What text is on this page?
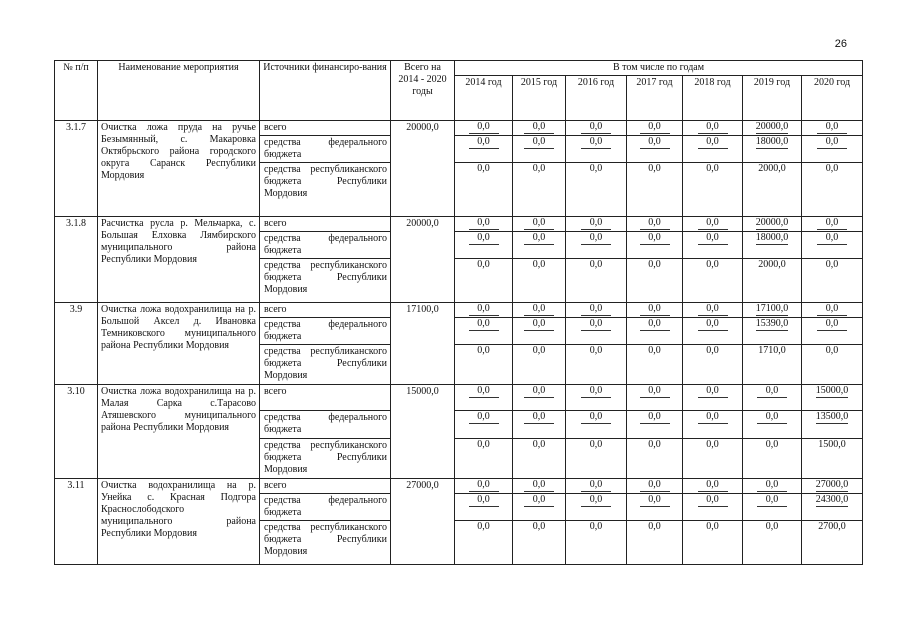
26
№ п/п	Наименование мероприятия	Источники финансиро-вания	Всего на 2014 - 2020 годы	В том числе по годам						
				2014 год	2015 год	2016 год	2017 год	2018 год	2019 год	2020 год
3.1.7	Очистка ложа пруда на ручье Безымянный, с. Макаровка Октябрьского района городского округа Саранск Республики Мордовия	всего	20000,0	0,0	0,0	0,0	0,0	0,0	20000,0	0,0
		средства федерального бюджета		0,0	0,0	0,0	0,0	0,0	18000,0	0,0
		средства республиканского бюджета Республики Мордовия		0,0	0,0	0,0	0,0	0,0	2000,0	0,0
3.1.8	Расчистка русла р. Мельчарка, с. Большая Елховка Лямбирского муниципального района Республики Мордовия	всего	20000,0	0,0	0,0	0,0	0,0	0,0	20000,0	0,0
		средства федерального бюджета		0,0	0,0	0,0	0,0	0,0	18000,0	0,0
		средства республиканского бюджета Республики Мордовия		0,0	0,0	0,0	0,0	0,0	2000,0	0,0
3.9	Очистка ложа водохранилища на р. Большой Аксел д. Ивановка Темниковского муниципального района Республики Мордовия	всего	17100,0	0,0	0,0	0,0	0,0	0,0	17100,0	0,0
		средства федерального бюджета		0,0	0,0	0,0	0,0	0,0	15390,0	0,0
		средства республиканского бюджета Республики Мордовия		0,0	0,0	0,0	0,0	0,0	1710,0	0,0
3.10	Очистка ложа водохранилища на р. Малая Сарка с.Тарасово Атяшевского муниципального района Республики Мордовия	всего	15000,0	0,0	0,0	0,0	0,0	0,0	0,0	15000,0
		средства федерального бюджета		0,0	0,0	0,0	0,0	0,0	0,0	13500,0
		средства республиканского бюджета Республики Мордовия		0,0	0,0	0,0	0,0	0,0	0,0	1500,0
3.11	Очистка водохранилища на р. Унейка с. Красная Подгора Краснослободского муниципального района Республики Мордовия	всего	27000,0	0,0	0,0	0,0	0,0	0,0	0,0	27000,0
		средства федерального бюджета		0,0	0,0	0,0	0,0	0,0	0,0	24300,0
		средства республиканского бюджета Республики Мордовия		0,0	0,0	0,0	0,0	0,0	0,0	2700,0
